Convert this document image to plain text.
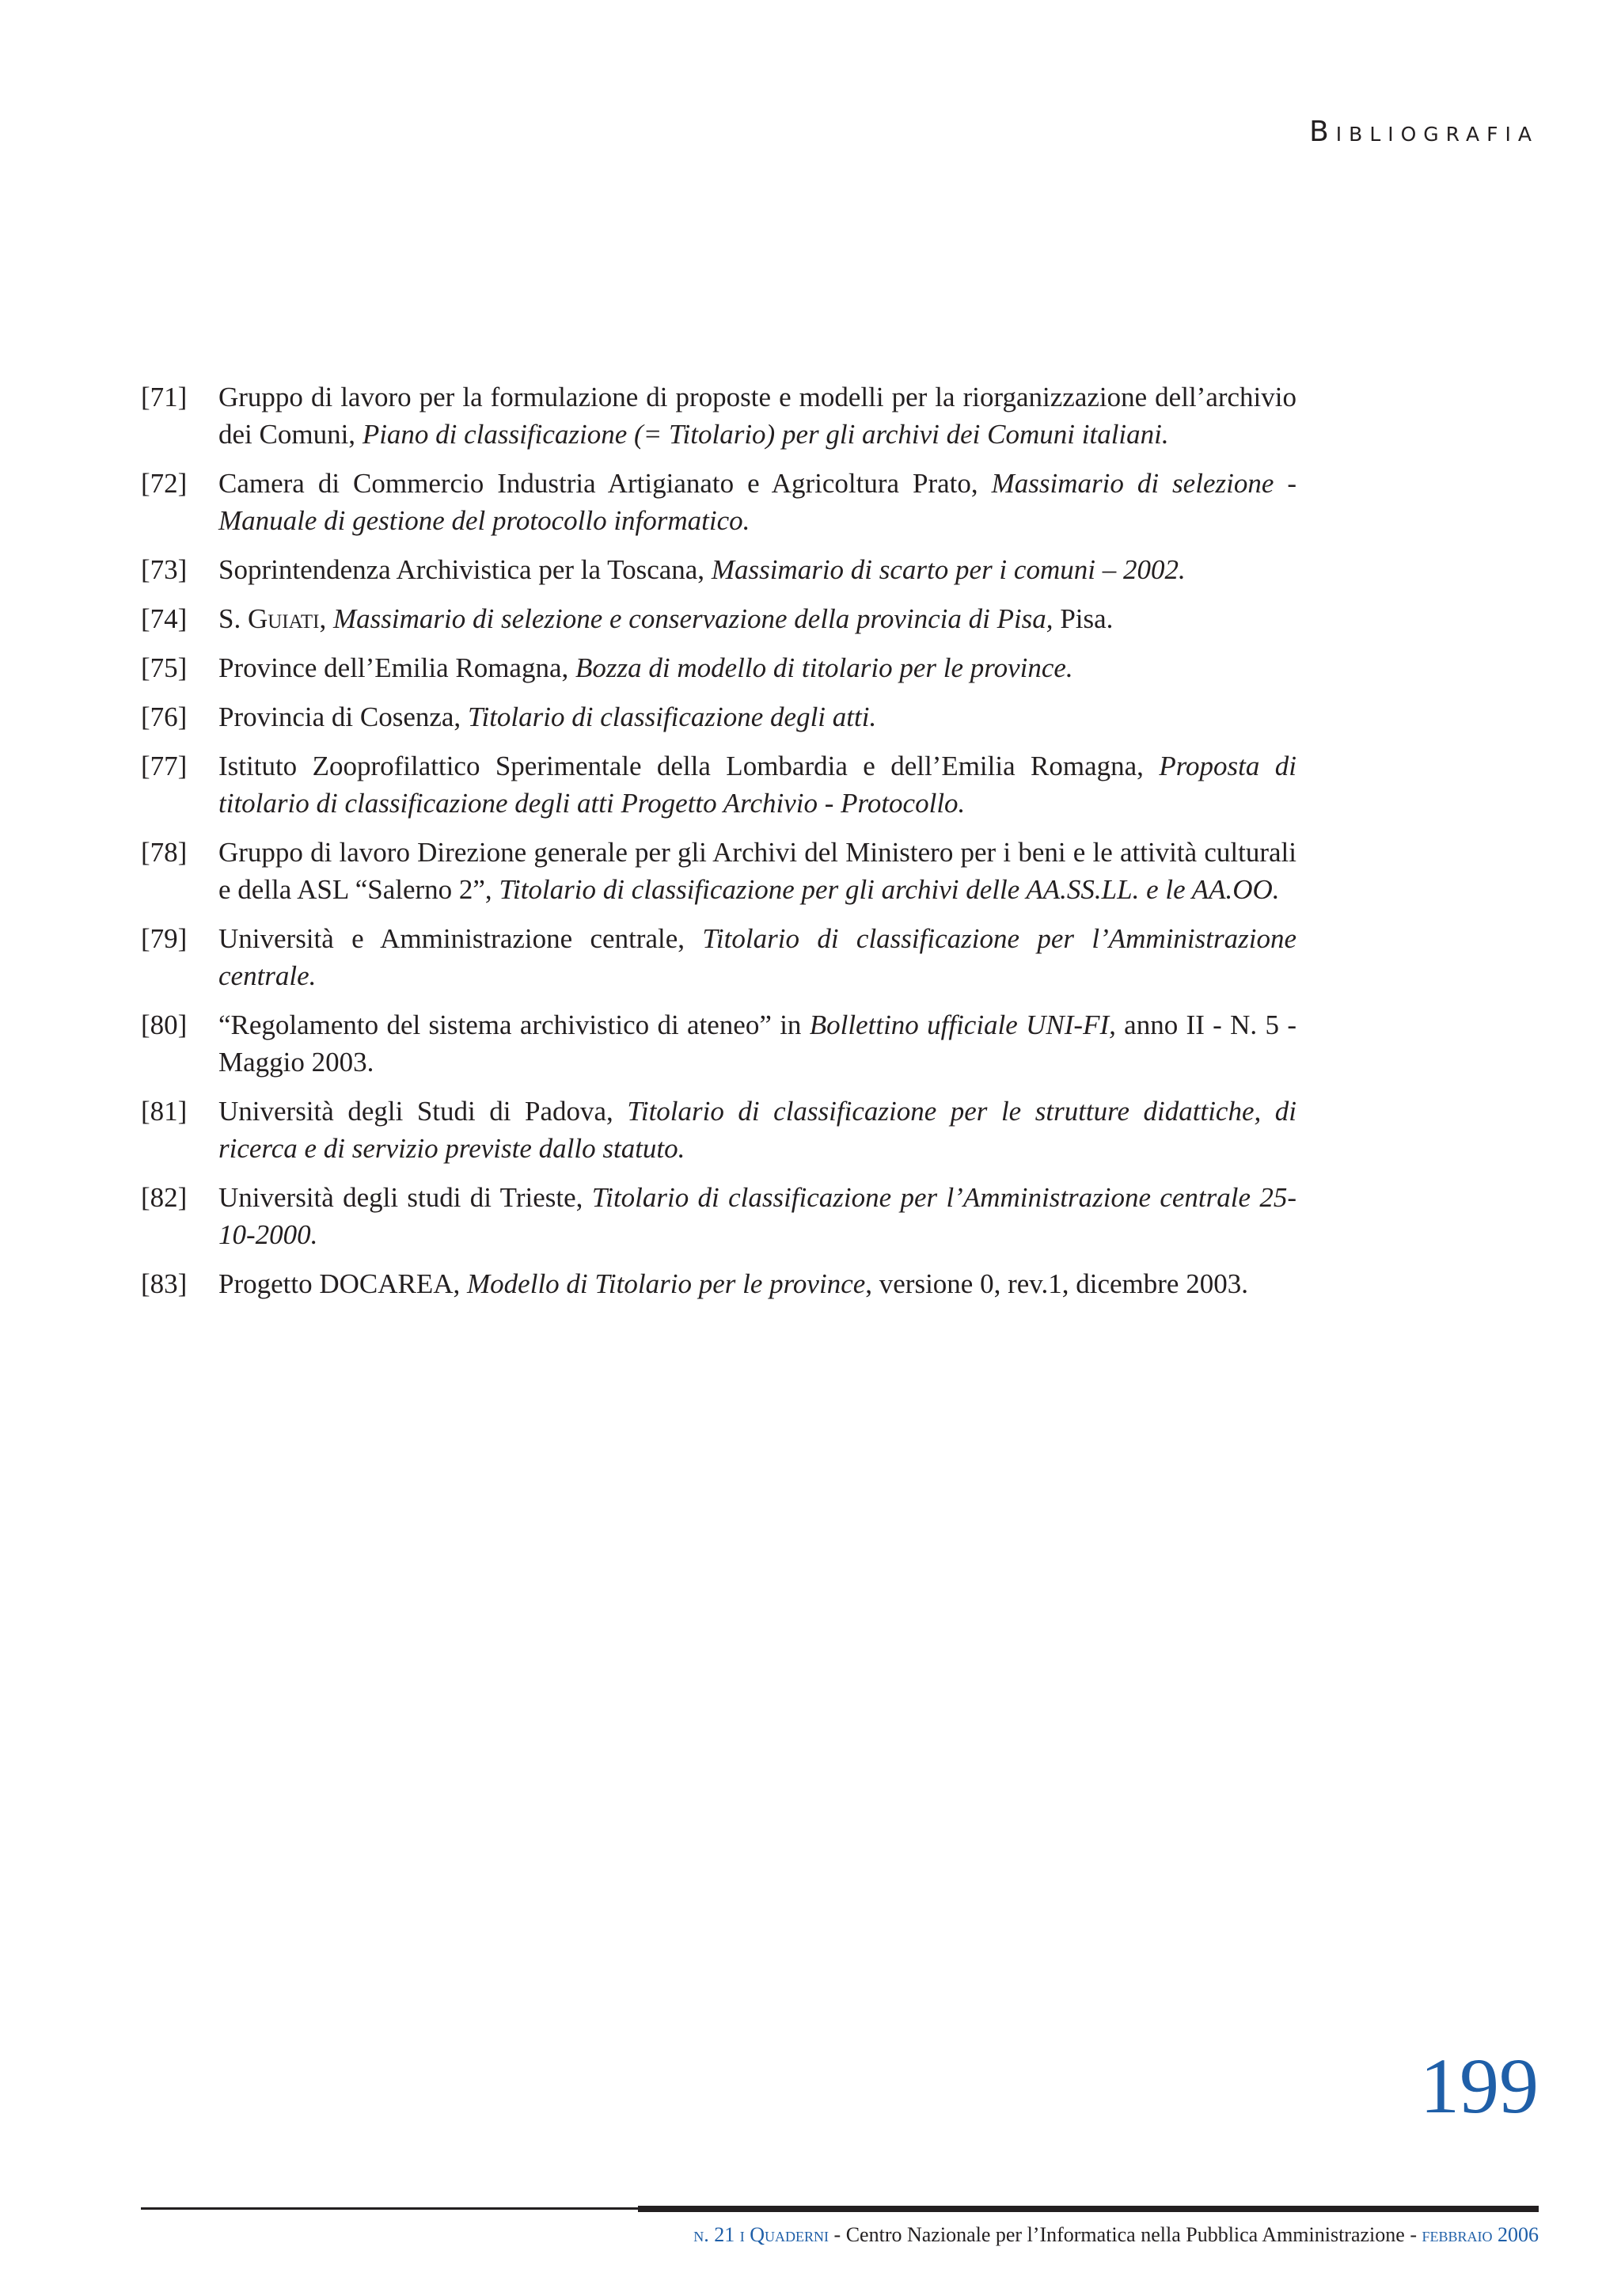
Bibliografia
[71]	Gruppo di lavoro per la formulazione di proposte e modelli per la riorganizzazione dell’archivio dei Comuni, Piano di classificazione (= Titolario) per gli archivi dei Comuni italiani.
[72]	Camera di Commercio Industria Artigianato e Agricoltura Prato, Massimario di selezione - Manuale di gestione del protocollo informatico.
[73]	Soprintendenza Archivistica per la Toscana, Massimario di scarto per i comuni – 2002.
[74]	S. Guiati, Massimario di selezione e conservazione della provincia di Pisa, Pisa.
[75]	Province dell’Emilia Romagna, Bozza di modello di titolario per le province.
[76]	Provincia di Cosenza, Titolario di classificazione degli atti.
[77]	Istituto Zooprofilattico Sperimentale della Lombardia e dell’Emilia Romagna, Proposta di titolario di classificazione degli atti Progetto Archivio - Protocollo.
[78]	Gruppo di lavoro Direzione generale per gli Archivi del Ministero per i beni e le attività culturali e della ASL “Salerno 2”, Titolario di classificazione per gli archivi delle AA.SS.LL. e le AA.OO.
[79]	Università e Amministrazione centrale, Titolario di classificazione per l’Amministrazione centrale.
[80]	“Regolamento del sistema archivistico di ateneo” in Bollettino ufficiale UNI-FI, anno II - N. 5 - Maggio 2003.
[81]	Università degli Studi di Padova, Titolario di classificazione per le strutture didattiche, di ricerca e di servizio previste dallo statuto.
[82]	Università degli studi di Trieste, Titolario di classificazione per l’Amministrazione centrale 25-10-2000.
[83]	Progetto DOCAREA, Modello di Titolario per le province, versione 0, rev.1, dicembre 2003.
199
n. 21 i Quaderni - Centro Nazionale per l’Informatica nella Pubblica Amministrazione - febbraio 2006
